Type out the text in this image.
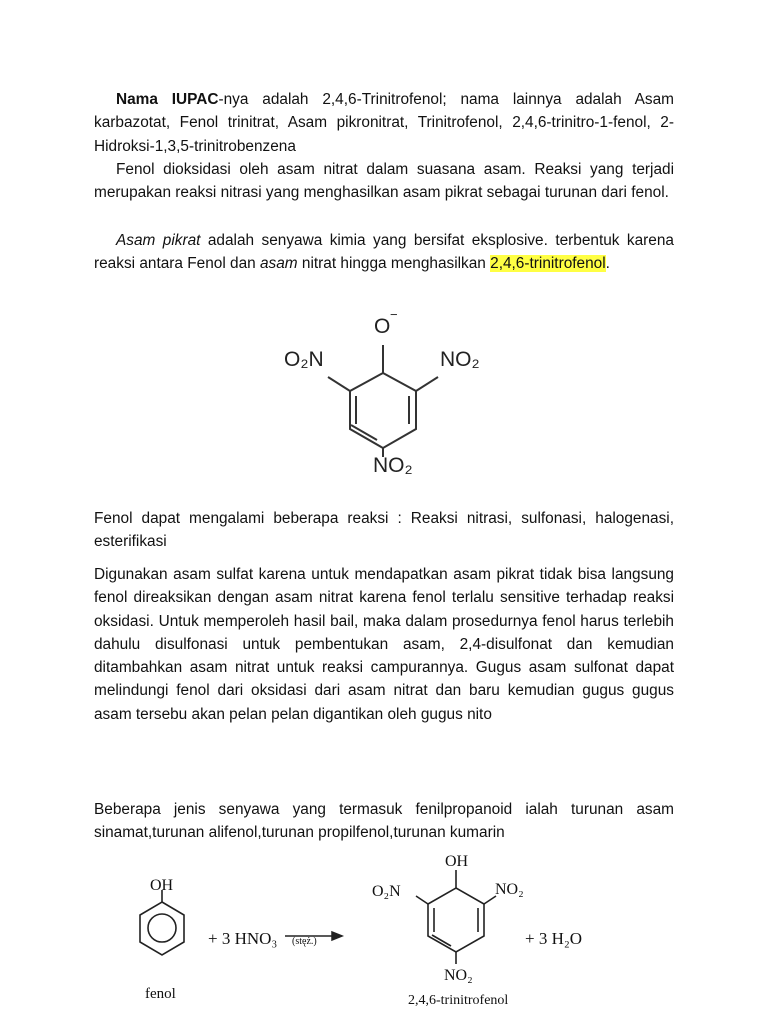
Nama IUPAC-nya adalah 2,4,6-Trinitrofenol; nama lainnya adalah Asam karbazotat, Fenol trinitrat, Asam pikronitrat, Trinitrofenol, 2,4,6-trinitro-1-fenol, 2-Hidroksi-1,3,5-trinitrobenzena
Fenol dioksidasi oleh asam nitrat dalam suasana asam. Reaksi yang terjadi merupakan reaksi nitrasi yang menghasilkan asam pikrat sebagai turunan dari fenol.
Asam pikrat adalah senyawa kimia yang bersifat eksplosive. terbentuk karena reaksi antara Fenol dan asam nitrat hingga menghasilkan 2,4,6-trinitrofenol.
O
−
O₂N	NO₂
NO₂
Fenol dapat mengalami beberapa reaksi : Reaksi nitrasi, sulfonasi, halogenasi, esterifikasi
Digunakan asam sulfat karena untuk mendapatkan asam pikrat tidak bisa langsung fenol direaksikan dengan asam nitrat karena fenol terlalu sensitive terhadap reaksi oksidasi. Untuk memperoleh hasil bail, maka dalam prosedurnya fenol harus terlebih dahulu disulfonasi untuk pembentukan asam, 2,4-disulfonat dan kemudian ditambahkan asam nitrat untuk reaksi campurannya. Gugus asam sulfonat dapat melindungi fenol dari oksidasi dari asam nitrat dan baru kemudian gugus gugus asam tersebu akan pelan pelan digantikan oleh gugus nito
Beberapa jenis senyawa yang termasuk fenilpropanoid ialah turunan asam sinamat,turunan alifenol,turunan propilfenol,turunan kumarin
OH
fenol
+ 3 HNO₃ (stęż.)
OH
O₂N	NO₂
NO₂
+ 3 H₂O
2,4,6-trinitrofenol
